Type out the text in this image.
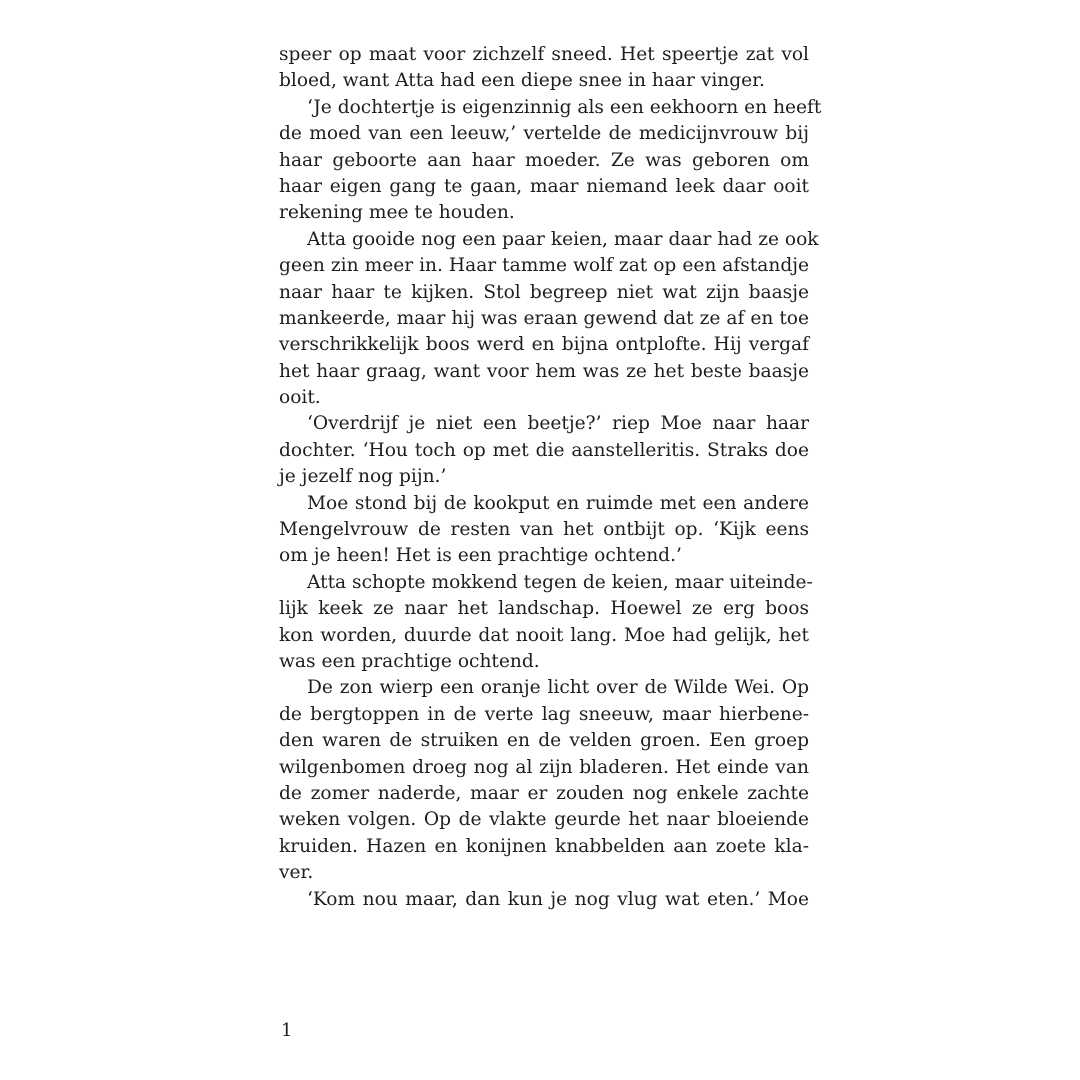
speer op maat voor zichzelf sneed. Het speertje zat vol
bloed, want Atta had een diepe snee in haar vinger.
‘Je dochtertje is eigenzinnig als een eekhoorn en heeft
de moed van een leeuw,’ vertelde de medicijnvrouw bij
haar geboorte aan haar moeder. Ze was geboren om
haar eigen gang te gaan, maar niemand leek daar ooit
rekening mee te houden.
Atta gooide nog een paar keien, maar daar had ze ook
geen zin meer in. Haar tamme wolf zat op een afstandje
naar haar te kijken. Stol begreep niet wat zijn baasje
mankeerde, maar hij was eraan gewend dat ze af en toe
verschrikkelijk boos werd en bijna ontplofte. Hij vergaf
het haar graag, want voor hem was ze het beste baasje
ooit.
‘Overdrijf je niet een beetje?’ riep Moe naar haar
dochter. ‘Hou toch op met die aanstelleritis. Straks doe
je jezelf nog pijn.’
Moe stond bij de kookput en ruimde met een andere
Mengelvrouw de resten van het ontbijt op. ‘Kijk eens
om je heen! Het is een prachtige ochtend.’
Atta schopte mokkend tegen de keien, maar uiteinde-
lijk keek ze naar het landschap. Hoewel ze erg boos
kon worden, duurde dat nooit lang. Moe had gelijk, het
was een prachtige ochtend.
De zon wierp een oranje licht over de Wilde Wei. Op
de bergtoppen in de verte lag sneeuw, maar hierbene-
den waren de struiken en de velden groen. Een groep
wilgenbomen droeg nog al zijn bladeren. Het einde van
de zomer naderde, maar er zouden nog enkele zachte
weken volgen. Op de vlakte geurde het naar bloeiende
kruiden. Hazen en konijnen knabbelden aan zoete kla-
ver.
‘Kom nou maar, dan kun je nog vlug wat eten.’ Moe
1
